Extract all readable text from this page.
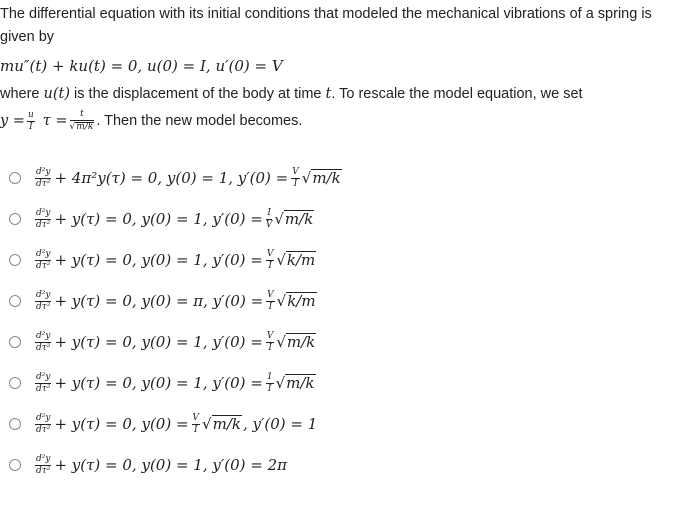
The differential equation with its initial conditions that modeled the mechanical vibrations of a spring is
given by
mu″(t) + ku(t) = 0, u(0) = I, u′(0) = V
where u(t) is the displacement of the body at time t. To rescale the model equation, we set
$y = \frac{u}{I}$ $\tau = \frac{t}{√m/k}$ . Then the new model becomes.
$\frac{\text{d²y}}{\text{dτ²}} + 4\pi^2y(\tau) = 0$, y(0) = 1, $y'(0) = \frac{V}{I} √m/k$
$\frac{\text{d²y}}{\text{dτ²}} + y(\tau) = 0$, y(0) = 1, $y'(0) = \frac{I}{V} √m/k$
$\frac{\text{d²y}}{\text{dτ²}} + y(\tau) = 0$, y(0) = 1, $y'(0) = \frac{V}{I} √k/m$
$\frac{\text{d²y}}{\text{dτ²}} + y(\tau) = 0$, y(0) = π, $y'(0) = \frac{V}{I} √k/m$
$\frac{\text{d²y}}{\text{dτ²}} + y(\tau) = 0$, y(0) = 1, $y'(0) = \frac{V}{I} √m/k$
$\frac{\text{d²y}}{\text{dτ²}} + y(\tau) = 0$, y(0) = 1, $y'(0) = \frac{1}{I} √m/k$
$\frac{\text{d²y}}{\text{dτ²}} + y(\tau) = 0$, $y(0) = \frac{V}{I} √m/k$ , y′(0) = 1
$\frac{\text{d²y}}{\text{dτ²}} + y(\tau) = 0$, y(0) = 1, y′(0) = 2π
